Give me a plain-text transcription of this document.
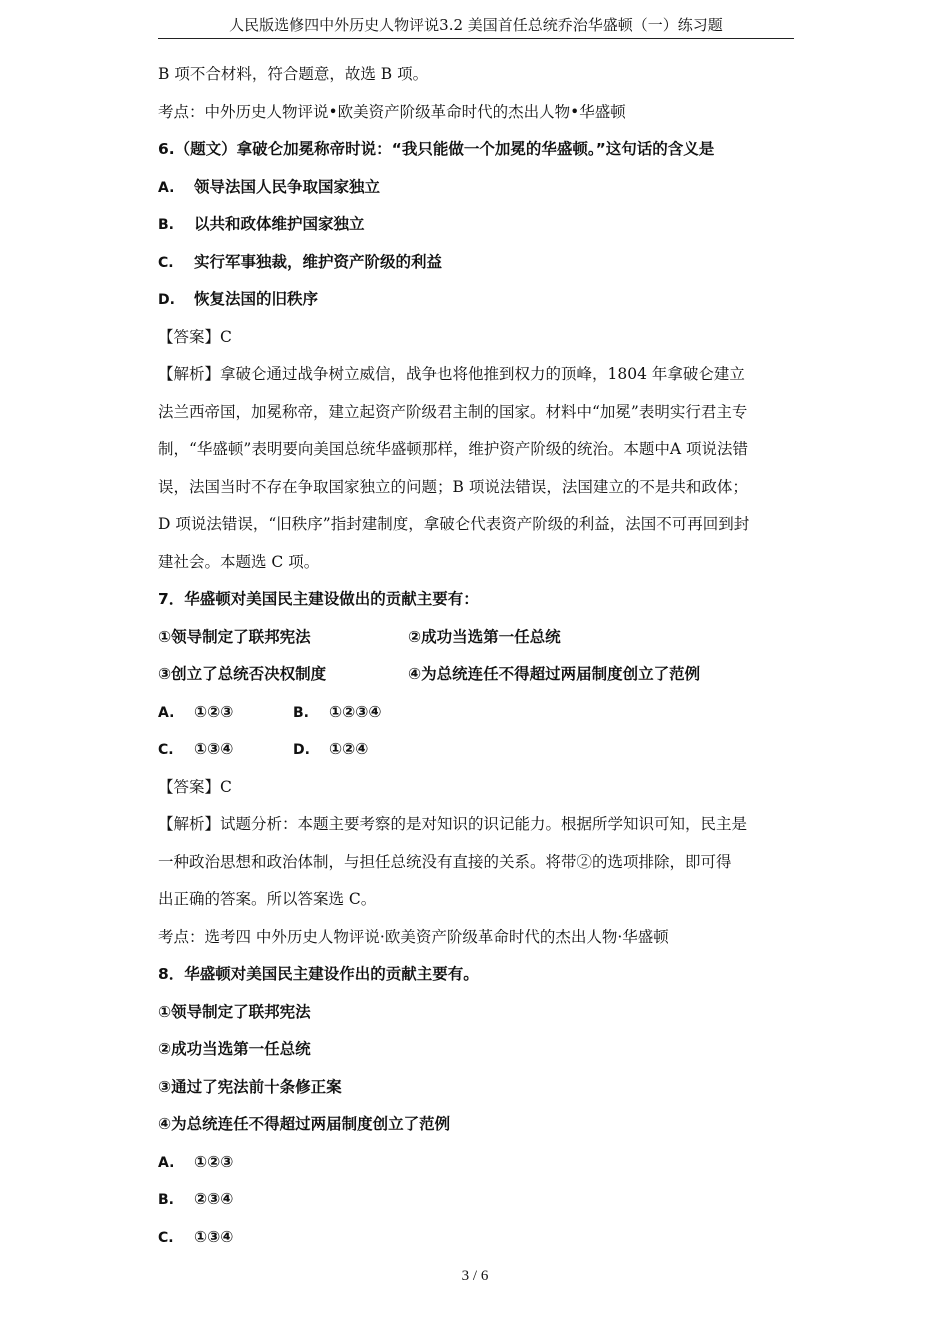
人民版选修四中外历史人物评说3.2 美国首任总统乔治华盛顿（一）练习题
B 项不合材料，符合题意，故选 B 项。
考点：中外历史人物评说•欧美资产阶级革命时代的杰出人物•华盛顿
6.（题文）拿破仑加冕称帝时说：“我只能做一个加冕的华盛顿。”这句话的含义是
A. 领导法国人民争取国家独立
B. 以共和政体维护国家独立
C. 实行军事独裁，维护资产阶级的利益
D. 恢复法国的旧秩序
【答案】C
【解析】拿破仑通过战争树立威信，战争也将他推到权力的顶峰，1804 年拿破仑建立
法兰西帝国，加冕称帝，建立起资产阶级君主制的国家。材料中“加冕”表明实行君主专
制，“华盛顿”表明要向美国总统华盛顿那样，维护资产阶级的统治。本题中A 项说法错
误，法国当时不存在争取国家独立的问题；B 项说法错误，法国建立的不是共和政体；
D 项说法错误，“旧秩序”指封建制度，拿破仑代表资产阶级的利益，法国不可再回到封
建社会。本题选 C 项。
7．华盛顿对美国民主建设做出的贡献主要有：
①领导制定了联邦宪法	②成功当选第一任总统
③创立了总统否决权制度	④为总统连任不得超过两届制度创立了范例
A. ①②③	B. ①②③④
C. ①③④	D. ①②④
【答案】C
【解析】试题分析：本题主要考察的是对知识的识记能力。根据所学知识可知，民主是
一种政治思想和政治体制，与担任总统没有直接的关系。将带②的选项排除，即可得
出正确的答案。所以答案选 C。
考点：选考四 中外历史人物评说·欧美资产阶级革命时代的杰出人物·华盛顿
8．华盛顿对美国民主建设作出的贡献主要有。
①领导制定了联邦宪法
②成功当选第一任总统
③通过了宪法前十条修正案
④为总统连任不得超过两届制度创立了范例
A. ①②③
B. ②③④
C. ①③④
3 / 6
